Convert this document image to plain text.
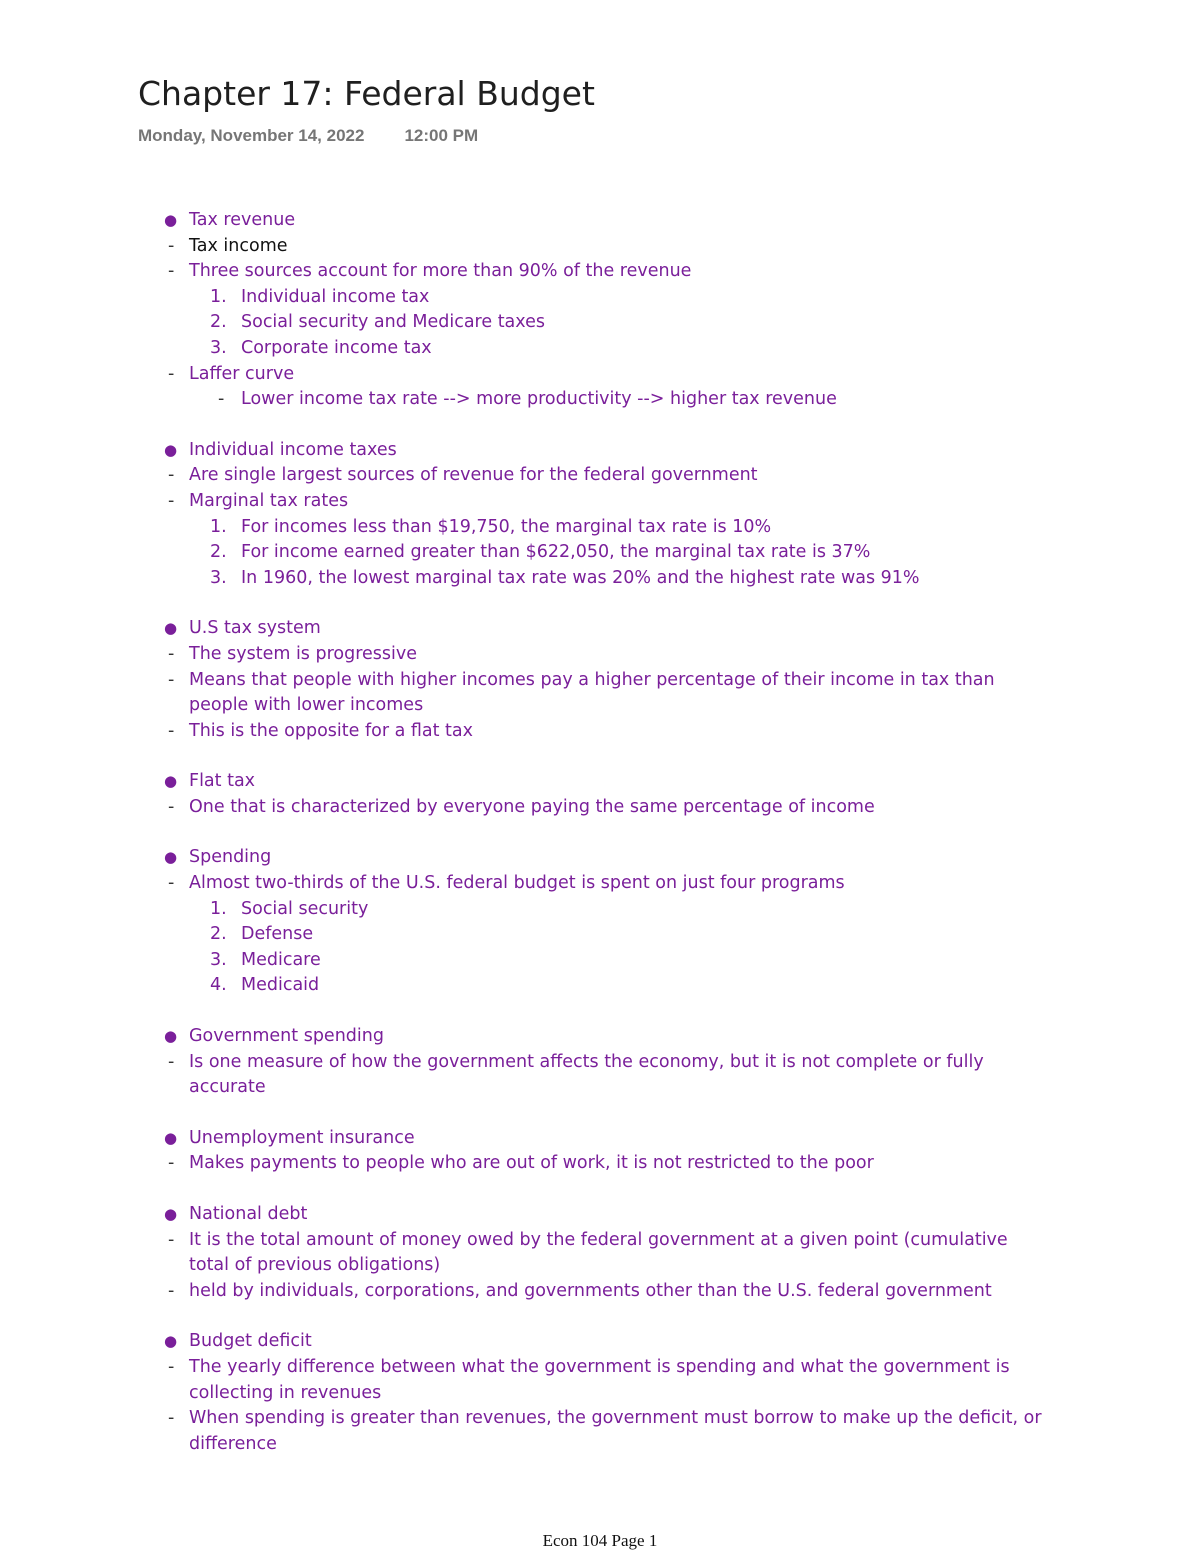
Chapter 17: Federal Budget
Monday, November 14, 2022 12:00 PM
● Tax revenue
- Tax income
- Three sources account for more than 90% of the revenue
1. Individual income tax
2. Social security and Medicare taxes
3. Corporate income tax
- Laffer curve
- Lower income tax rate --> more productivity --> higher tax revenue
● Individual income taxes
- Are single largest sources of revenue for the federal government
- Marginal tax rates
1. For incomes less than $19,750, the marginal tax rate is 10%
2. For income earned greater than $622,050, the marginal tax rate is 37%
3. In 1960, the lowest marginal tax rate was 20% and the highest rate was 91%
● U.S tax system
- The system is progressive
- Means that people with higher incomes pay a higher percentage of their income in tax than people with lower incomes
- This is the opposite for a flat tax
● Flat tax
- One that is characterized by everyone paying the same percentage of income
● Spending
- Almost two-thirds of the U.S. federal budget is spent on just four programs
1. Social security
2. Defense
3. Medicare
4. Medicaid
● Government spending
- Is one measure of how the government affects the economy, but it is not complete or fully accurate
● Unemployment insurance
- Makes payments to people who are out of work, it is not restricted to the poor
● National debt
- It is the total amount of money owed by the federal government at a given point (cumulative total of previous obligations)
- held by individuals, corporations, and governments other than the U.S. federal government
● Budget deficit
- The yearly difference between what the government is spending and what the government is collecting in revenues
- When spending is greater than revenues, the government must borrow to make up the deficit, or difference
Econ 104 Page 1
